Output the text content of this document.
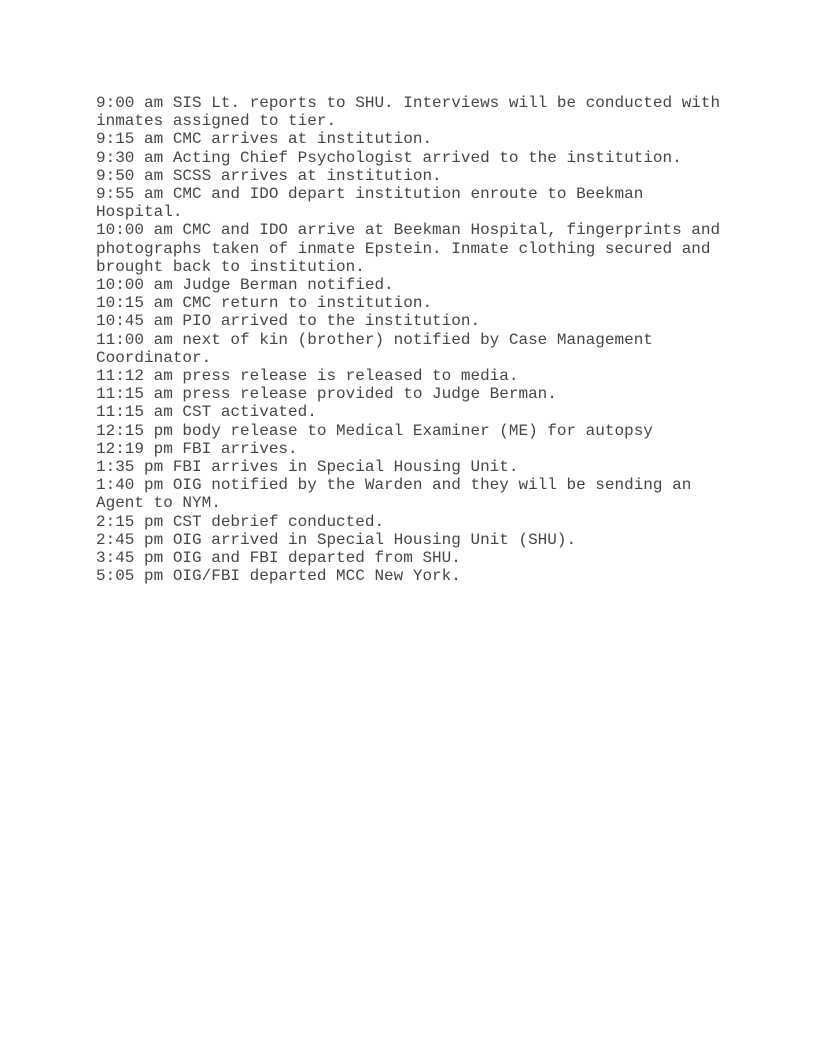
9:00 am SIS Lt. reports to SHU. Interviews will be conducted with inmates assigned to tier.

9:15 am CMC arrives at institution.

9:30 am Acting Chief Psychologist arrived to the institution.

9:50 am SCSS arrives at institution.

9:55 am CMC and IDO depart institution enroute to Beekman Hospital.

10:00 am CMC and IDO arrive at Beekman Hospital, fingerprints and photographs taken of inmate Epstein. Inmate clothing secured and brought back to institution.

10:00 am Judge Berman notified.

10:15 am CMC return to institution.

10:45 am PIO arrived to the institution.

11:00 am next of kin (brother) notified by Case Management Coordinator.

11:12 am press release is released to media.

11:15 am press release provided to Judge Berman.

11:15 am CST activated.

12:15 pm body release to Medical Examiner (ME) for autopsy

12:19 pm FBI arrives.

1:35 pm FBI arrives in Special Housing Unit.

1:40 pm OIG notified by the Warden and they will be sending an Agent to NYM.

2:15 pm CST debrief conducted.

2:45 pm OIG arrived in Special Housing Unit (SHU).

3:45 pm OIG and FBI departed from SHU.

5:05 pm OIG/FBI departed MCC New York.
